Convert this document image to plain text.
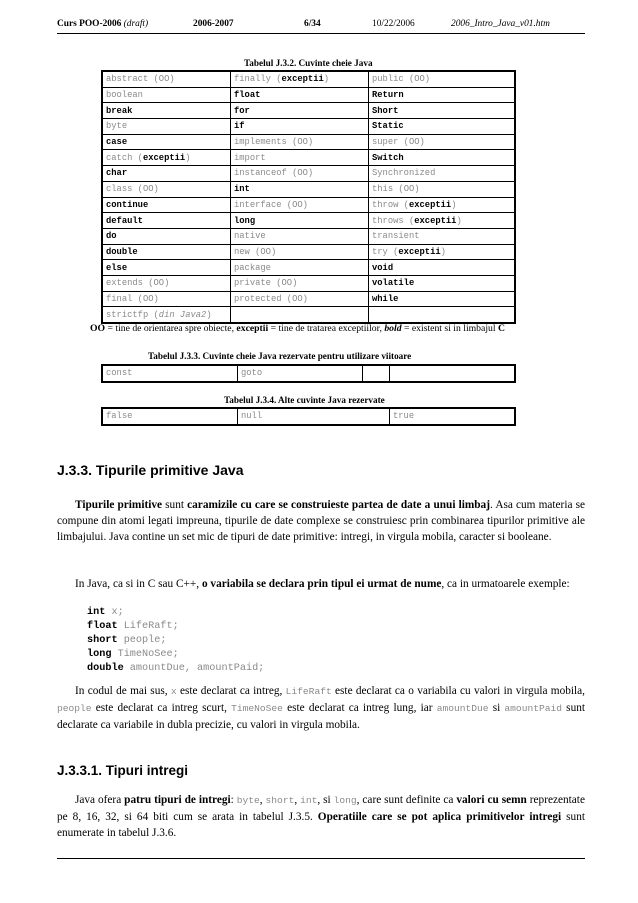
Curs POO-2006 (draft)	2006-2007	6/34	10/22/2006	2006_Intro_Java_v01.htm
Tabelul J.3.2. Cuvinte cheie Java
abstract (OO)	finally (exceptii)	public (OO)
boolean	float	Return
break	for	Short
byte	if	Static
case	implements (OO)	super (OO)
catch (exceptii)	import	Switch
char	instanceof (OO)	Synchronized
class (OO)	int	this (OO)
continue	interface (OO)	throw (exceptii)
default	long	throws (exceptii)
do	native	transient
double	new (OO)	try (exceptii)
else	package	void
extends (OO)	private (OO)	volatile
final (OO)	protected (OO)	while
strictfp (din Java2)		
OO = tine de orientarea spre obiecte, exceptii = tine de tratarea exceptiilor, bold = existent si in limbajul C
Tabelul J.3.3. Cuvinte cheie Java rezervate pentru utilizare viitoare
const	goto		
Tabelul J.3.4. Alte cuvinte Java rezervate
false	null	true
J.3.3. Tipurile primitive Java
Tipurile primitive sunt caramizile cu care se construieste partea de date a unui limbaj. Asa cum materia se compune din atomi legati impreuna, tipurile de date complexe se construiesc prin combinarea tipurilor primitive ale limbajului. Java contine un set mic de tipuri de date primitive: intregi, in virgula mobila, caracter si booleane.
In Java, ca si in C sau C++, o variabila se declara prin tipul ei urmat de nume, ca in urmatoarele exemple:
int x;
float LifeRaft;
short people;
long TimeNoSee;
double amountDue, amountPaid;
In codul de mai sus, x este declarat ca intreg, LifeRaft este declarat ca o variabila cu valori in virgula mobila, people este declarat ca intreg scurt, TimeNoSee este declarat ca intreg lung, iar amountDue si amountPaid sunt declarate ca variabile in dubla precizie, cu valori in virgula mobila.
J.3.3.1. Tipuri intregi
Java ofera patru tipuri de intregi: byte, short, int, si long, care sunt definite ca valori cu semn reprezentate pe 8, 16, 32, si 64 biti cum se arata in tabelul J.3.5. Operatiile care se pot aplica primitivelor intregi sunt enumerate in tabelul J.3.6.
